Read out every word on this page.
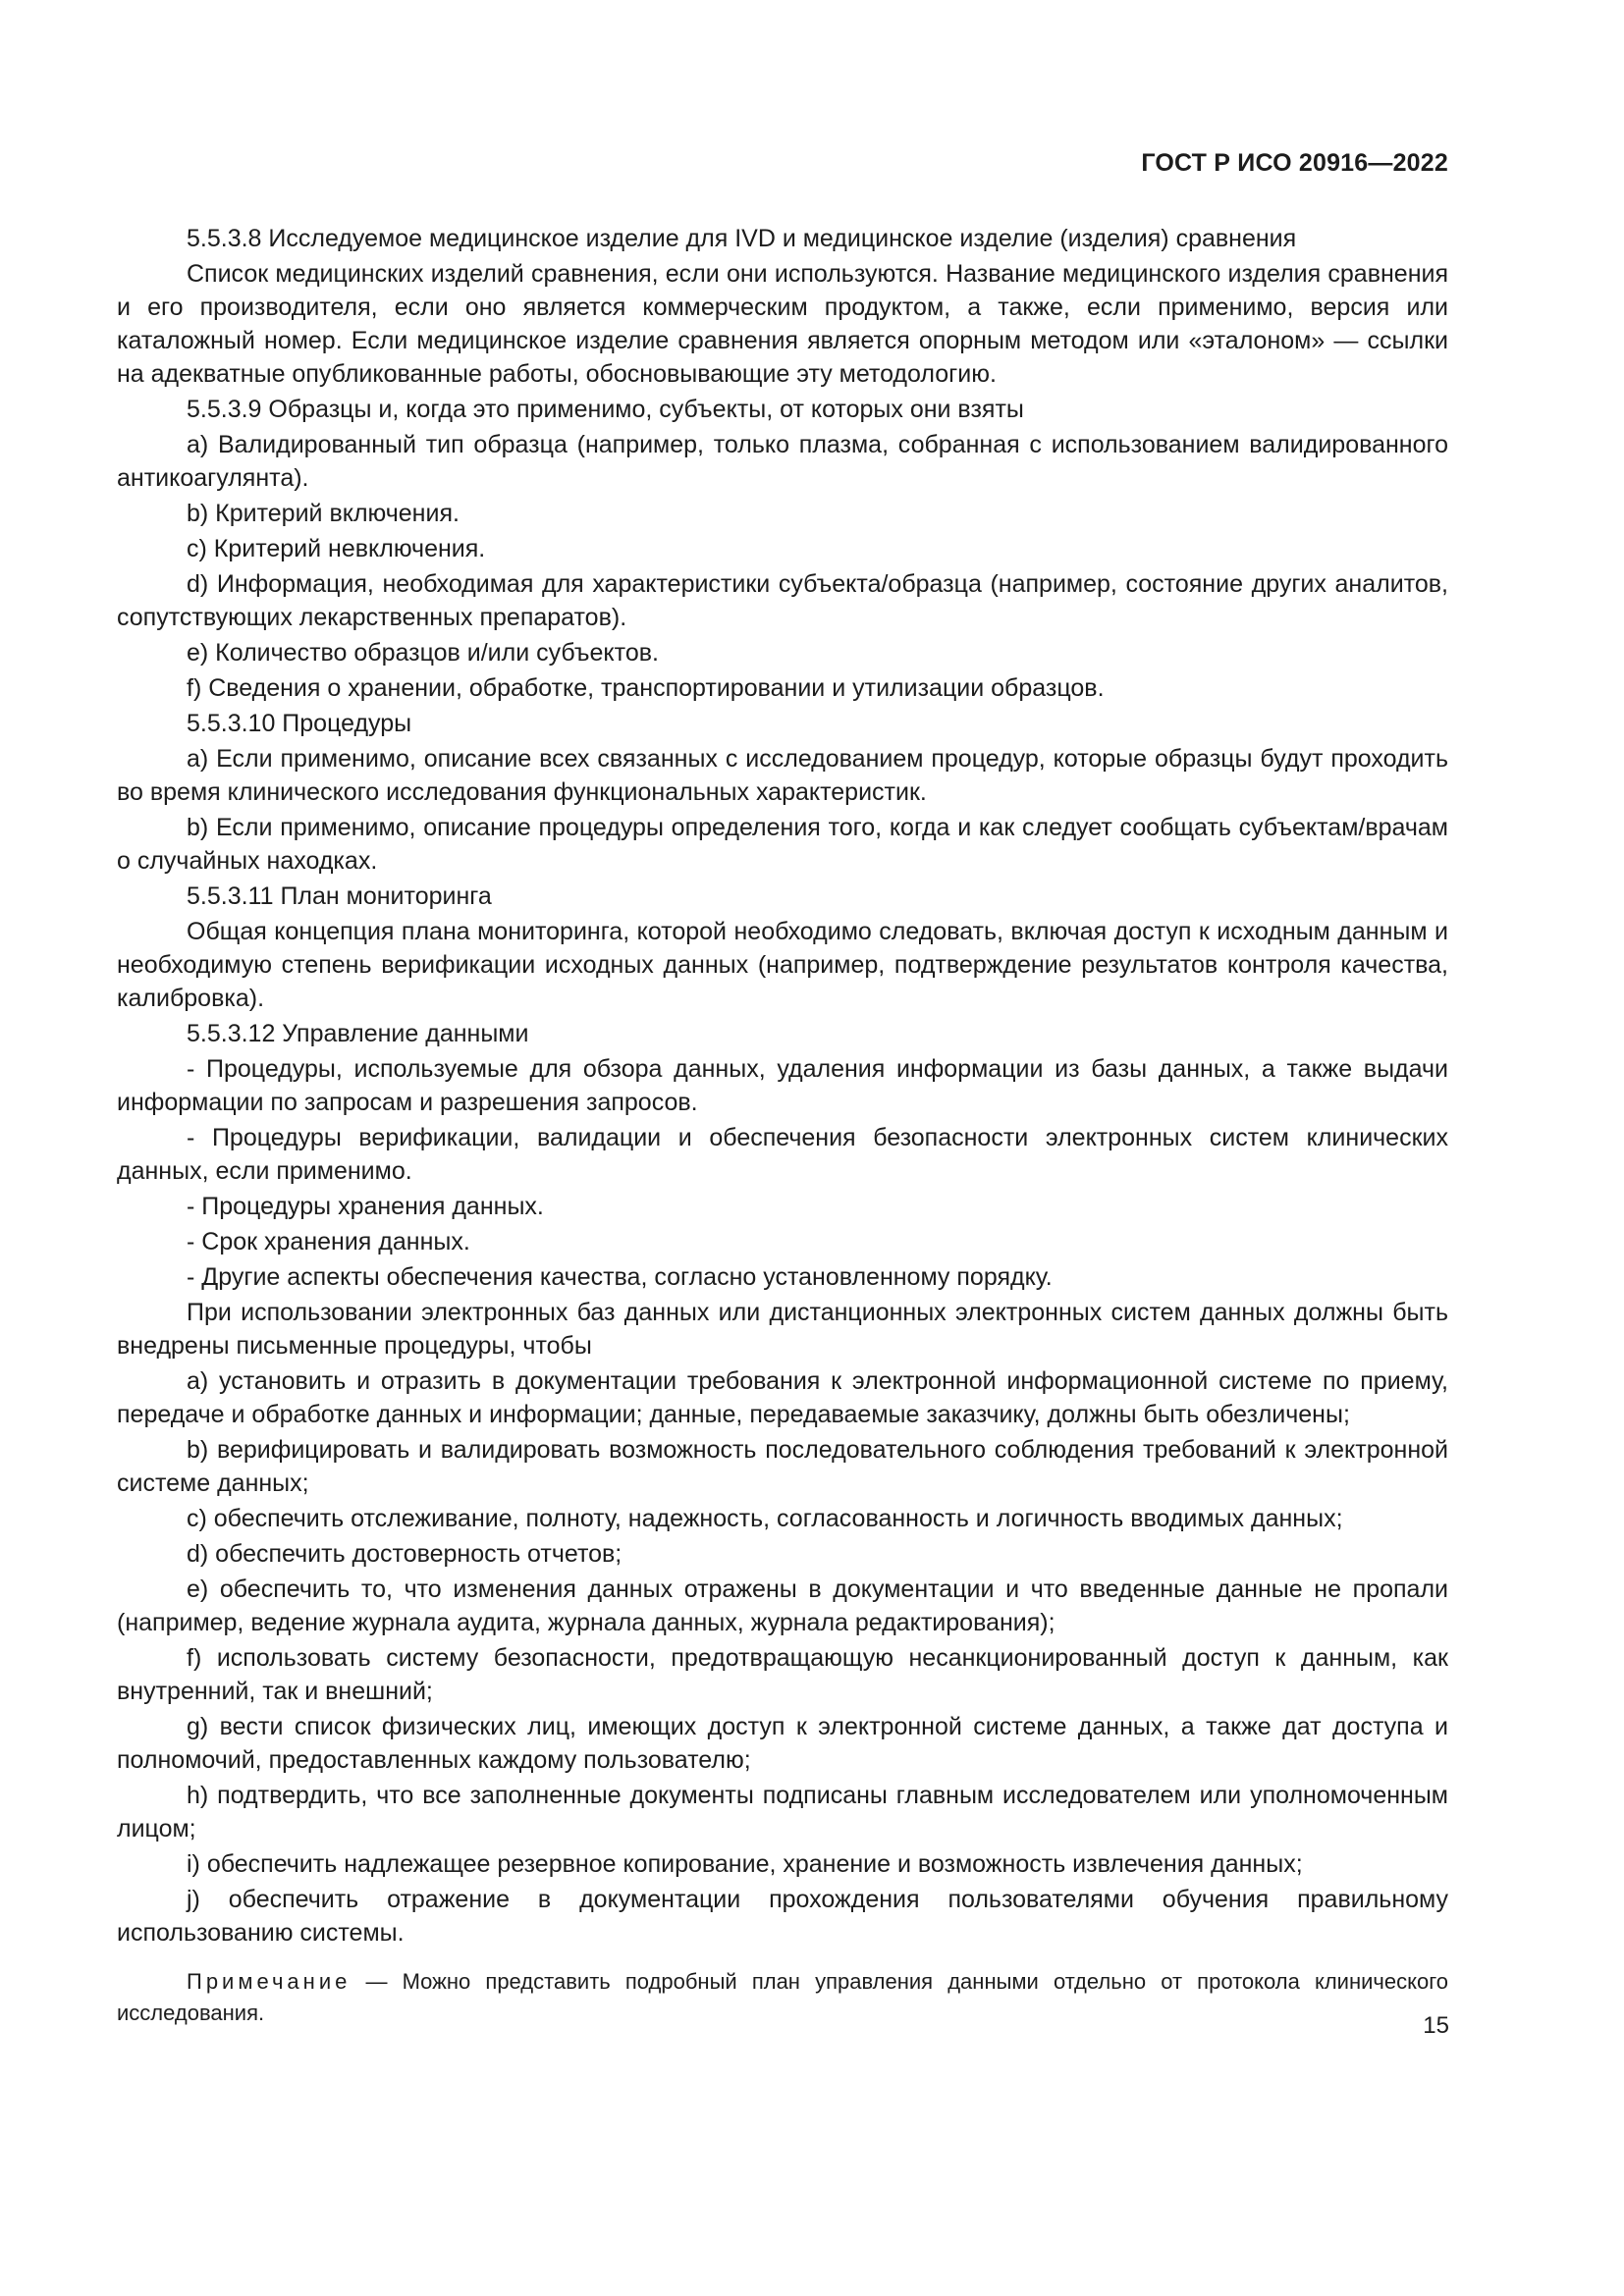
ГОСТ Р ИСО 20916—2022

5.5.3.8 Исследуемое медицинское изделие для IVD и медицинское изделие (изделия) сравнения

Список медицинских изделий сравнения, если они используются. Название медицинского изделия сравнения и его производителя, если оно является коммерческим продуктом, а также, если применимо, версия или каталожный номер. Если медицинское изделие сравнения является опорным методом или «эталоном» — ссылки на адекватные опубликованные работы, обосновывающие эту методологию.

5.5.3.9 Образцы и, когда это применимо, субъекты, от которых они взяты

a) Валидированный тип образца (например, только плазма, собранная с использованием валидированного антикоагулянта).

b) Критерий включения.

c) Критерий невключения.

d) Информация, необходимая для характеристики субъекта/образца (например, состояние других аналитов, сопутствующих лекарственных препаратов).

e) Количество образцов и/или субъектов.

f) Сведения о хранении, обработке, транспортировании и утилизации образцов.

5.5.3.10 Процедуры

a) Если применимо, описание всех связанных с исследованием процедур, которые образцы будут проходить во время клинического исследования функциональных характеристик.

b) Если применимо, описание процедуры определения того, когда и как следует сообщать субъектам/врачам о случайных находках.

5.5.3.11 План мониторинга

Общая концепция плана мониторинга, которой необходимо следовать, включая доступ к исходным данным и необходимую степень верификации исходных данных (например, подтверждение результатов контроля качества, калибровка).

5.5.3.12 Управление данными

- Процедуры, используемые для обзора данных, удаления информации из базы данных, а также выдачи информации по запросам и разрешения запросов.

- Процедуры верификации, валидации и обеспечения безопасности электронных систем клинических данных, если применимо.

- Процедуры хранения данных.

- Срок хранения данных.

- Другие аспекты обеспечения качества, согласно установленному порядку.

При использовании электронных баз данных или дистанционных электронных систем данных должны быть внедрены письменные процедуры, чтобы

a) установить и отразить в документации требования к электронной информационной системе по приему, передаче и обработке данных и информации; данные, передаваемые заказчику, должны быть обезличены;

b) верифицировать и валидировать возможность последовательного соблюдения требований к электронной системе данных;

c) обеспечить отслеживание, полноту, надежность, согласованность и логичность вводимых данных;

d) обеспечить достоверность отчетов;

e) обеспечить то, что изменения данных отражены в документации и что введенные данные не пропали (например, ведение журнала аудита, журнала данных, журнала редактирования);

f) использовать систему безопасности, предотвращающую несанкционированный доступ к данным, как внутренний, так и внешний;

g) вести список физических лиц, имеющих доступ к электронной системе данных, а также дат доступа и полномочий, предоставленных каждому пользователю;

h) подтвердить, что все заполненные документы подписаны главным исследователем или уполномоченным лицом;

i) обеспечить надлежащее резервное копирование, хранение и возможность извлечения данных;

j) обеспечить отражение в документации прохождения пользователями обучения правильному использованию системы.

Примечание — Можно представить подробный план управления данными отдельно от протокола клинического исследования.	15
